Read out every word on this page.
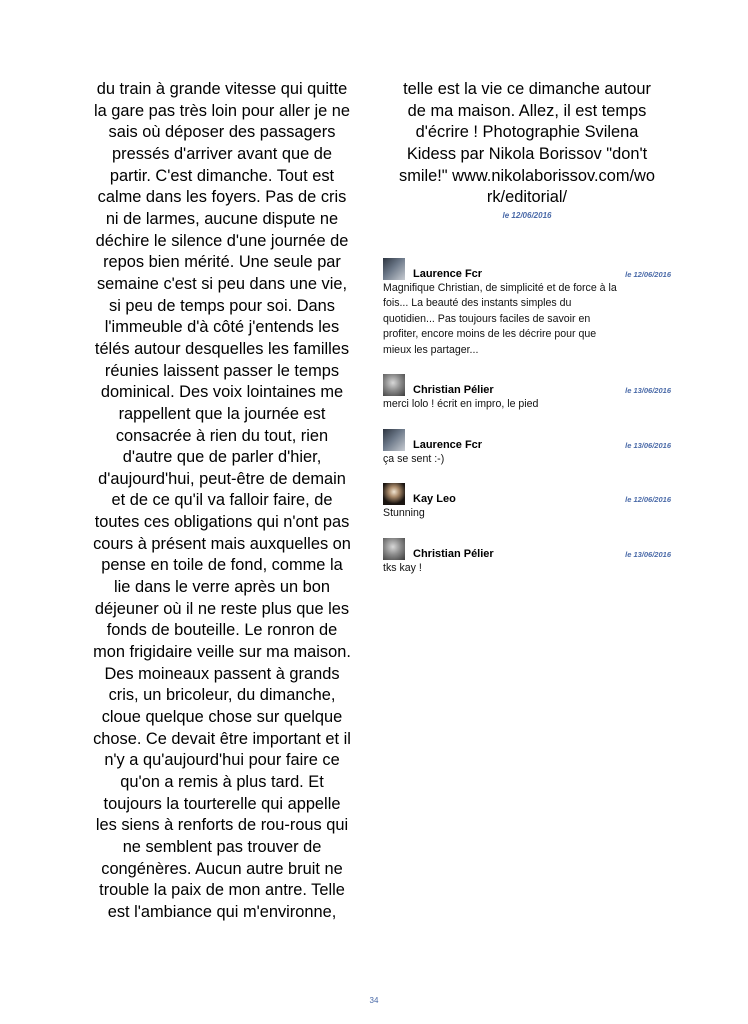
du train à grande vitesse qui quitte

la gare pas très loin pour aller je ne

sais où déposer des passagers

pressés d'arriver avant que de

partir. C'est dimanche. Tout est

calme dans les foyers. Pas de cris

ni de larmes, aucune dispute ne

déchire le silence d'une journée de

repos bien mérité. Une seule par

semaine c'est si peu dans une vie,

si peu de temps pour soi. Dans

l'immeuble d'à côté j'entends les

télés autour desquelles les familles

réunies laissent passer le temps

dominical. Des voix lointaines me

rappellent que la journée est

consacrée à rien du tout, rien

d'autre que de parler d'hier,

d'aujourd'hui, peut-être de demain

et de ce qu'il va falloir faire, de

toutes ces obligations qui n'ont pas

cours à présent mais auxquelles on

pense en toile de fond, comme la

lie dans le verre après un bon

déjeuner où il ne reste plus que les

fonds de bouteille. Le ronron de

mon frigidaire veille sur ma maison.

Des moineaux passent à grands

cris, un bricoleur, du dimanche,

cloue quelque chose sur quelque

chose. Ce devait être important et il

n'y a qu'aujourd'hui pour faire ce

qu'on a remis à plus tard. Et

toujours la tourterelle qui appelle

les siens à renforts de rou-rous qui

ne semblent pas trouver de

congénères. Aucun autre bruit ne

trouble la paix de mon antre. Telle

est l'ambiance qui m'environne,

telle est la vie ce dimanche autour

de ma maison. Allez, il est temps

d'écrire ! Photographie Svilena

Kidess par Nikola Borissov "don't

smile!" www.nikolaborissov.com/wo

rk/editorial/

le 12/06/2016
Laurence Fcr	le 12/06/2016
Magnifique Christian, de simplicité et de force à la
fois... La beauté des instants simples du
quotidien... Pas toujours faciles de savoir en
profiter, encore moins de les décrire pour que
mieux les partager...
Christian Pélier	le 13/06/2016
merci lolo ! écrit en impro, le pied
Laurence Fcr	le 13/06/2016
ça se sent :-)
Kay Leo	le 12/06/2016
Stunning
Christian Pélier	le 13/06/2016
tks kay !
34
